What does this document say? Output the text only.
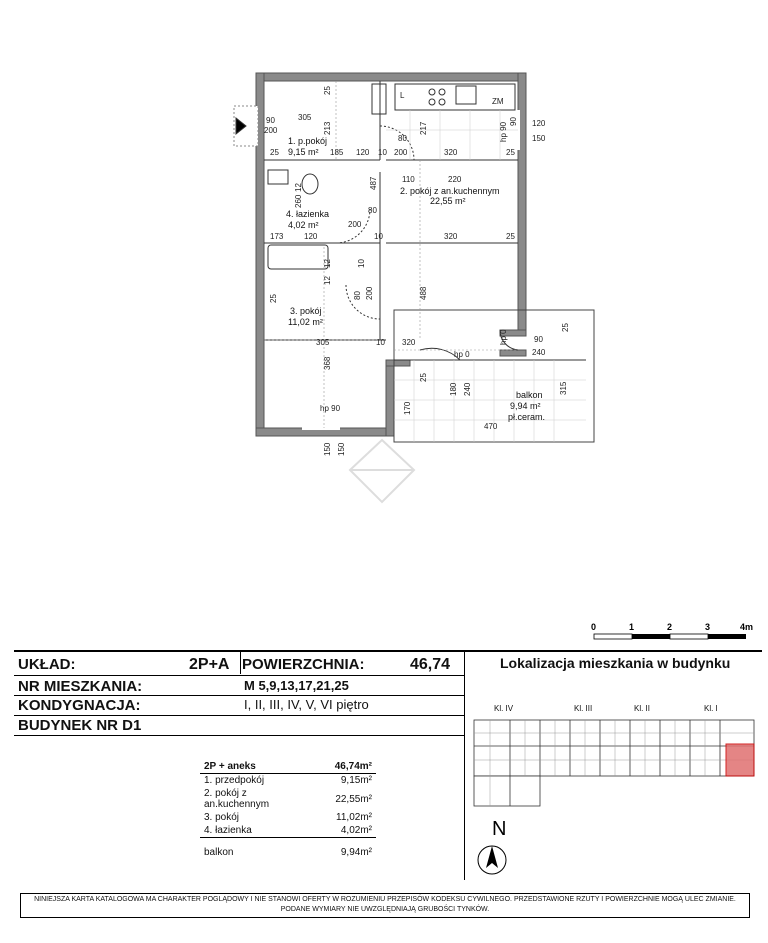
1. p.pokój
9,15 m²
2. pokój z an.kuchennym
22,55 m²
3. pokój
11,02 m²
4. łazienka
4,02 m²
balkon
9,94 m²
pł.ceram.
305
80
200	320
25	185 120 10	25
110	220
80
200
173	120	10	320	25
305	10 320
120
150
90
240
470
90
200
hp 0
hp 90
L
ZM
25
213	217
487
12
260
488
12	10
80 200
12
25
368
315
180 240
170
150 150
25
25
hp 90
hp 0
90
0	1	2	3	4m
UKŁAD:	2P+A POWIERZCHNIA:	46,74
NR MIESZKANIA:	M 5,9,13,17,21,25
KONDYGNACJA:	I, II, III, IV, V, VI piętro
BUDYNEK NR D1
2P + aneks	46,74m²
1. przedpokój	9,15m²
2. pokój z an.kuchennym	22,55m²
3. pokój	11,02m²
4. łazienka	4,02m²

balkon	9,94m²
Lokalizacja mieszkania w budynku
Kl. IV	Kl. III	Kl. II	Kl. I
N
NINIEJSZA KARTA KATALOGOWA MA CHARAKTER POGLĄDOWY I NIE STANOWI OFERTY W ROZUMIENIU PRZEPISÓW KODEKSU CYWILNEGO. PRZEDSTAWIONE RZUTY I POWIERZCHNIE MOGĄ ULEC ZMIANIE.
PODANE WYMIARY NIE UWZGLĘDNIAJĄ GRUBOŚCI TYNKÓW.
